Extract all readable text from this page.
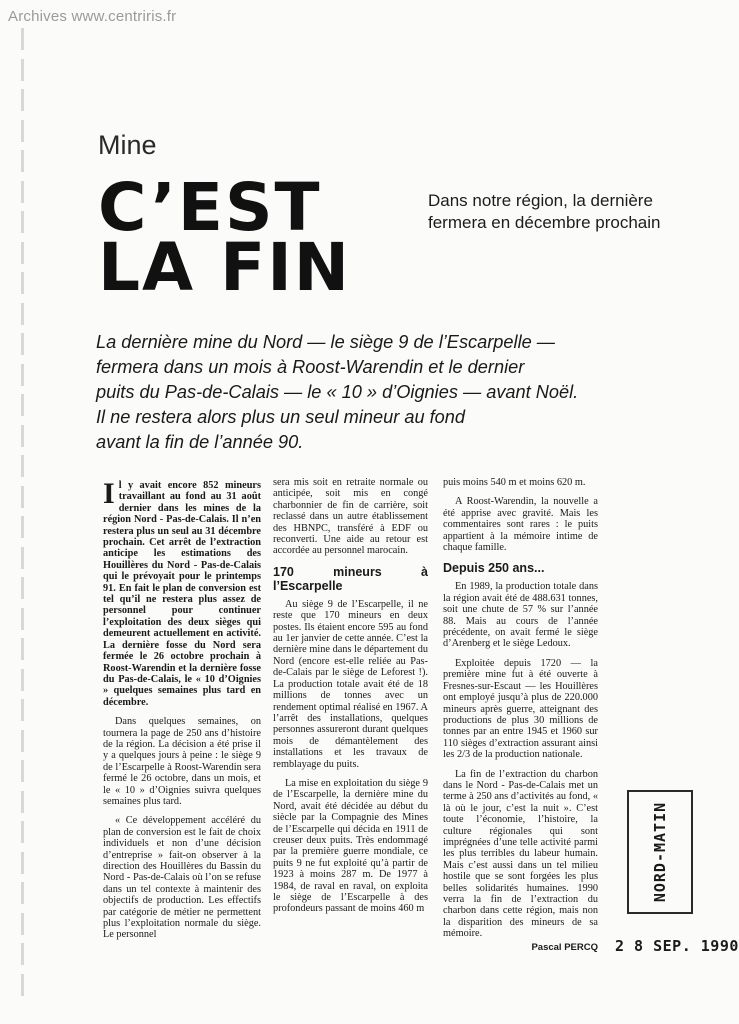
Archives www.centriris.fr
Mine
C’EST
LA FIN
Dans notre région, la dernière
fermera en décembre prochain
La dernière mine du Nord — le siège 9 de l’Escarpelle —
fermera dans un mois à Roost-Warendin et le dernier
puits du Pas-de-Calais — le « 10 » d’Oignies — avant Noël.
Il ne restera alors plus un seul mineur au fond
avant la fin de l’année 90.

Il y avait encore 852 mineurs travaillant au fond au 31 août dernier dans les mines de la région Nord - Pas-de-Calais. Il n’en restera plus un seul au 31 décembre prochain. Cet arrêt de l’extraction anticipe les estimations des Houillères du Nord - Pas-de-Calais qui le prévoyait pour le printemps 91. En fait le plan de conversion est tel qu’il ne restera plus assez de personnel pour continuer l’exploitation des deux sièges qui demeurent actuellement en activité. La dernière fosse du Nord sera fermée le 26 octobre prochain à Roost-Warendin et la dernière fosse du Pas-de-Calais, le « 10 d’Oignies » quelques semaines plus tard en décembre.

Dans quelques semaines, on tournera la page de 250 ans d’histoire de la région. La décision a été prise il y a quelques jours à peine : le siège 9 de l’Escarpelle à Roost-Warendin sera fermé le 26 octobre, dans un mois, et le « 10 » d’Oignies suivra quelques semaines plus tard.

« Ce développement accéléré du plan de conversion est le fait de choix individuels et non d’une décision d’entreprise » fait-on observer à la direction des Houillères du Bassin du Nord - Pas-de-Calais où l’on se refuse dans un tel contexte à maintenir des objectifs de production. Les effectifs par catégorie de métier ne permettent plus l’exploitation normale du siège. Le personnel

sera mis soit en retraite normale ou anticipée, soit mis en congé charbonnier de fin de carrière, soit reclassé dans un autre établissement des HBNPC, transféré à EDF ou reconverti. Une aide au retour est accordée au personnel marocain.

170 mineurs à l’Escarpelle

Au siège 9 de l’Escarpelle, il ne reste que 170 mineurs en deux postes. Ils étaient encore 595 au fond au 1er janvier de cette année. C’est la dernière mine dans le département du Nord (encore est-elle reliée au Pas-de-Calais par le siège de Leforest !). La production totale avait été de 18 millions de tonnes avec un rendement optimal réalisé en 1967. A l’arrêt des installations, quelques personnes assureront durant quelques mois de démantèlement des installations et les travaux de remblayage du puits.

La mise en exploitation du siège 9 de l’Escarpelle, la dernière mine du Nord, avait été décidée au début du siècle par la Compagnie des Mines de l’Escarpelle qui décida en 1911 de creuser deux puits. Très endommagé par la première guerre mondiale, ce puits 9 ne fut exploité qu’à partir de 1923 à moins 287 m. De 1977 à 1984, de raval en raval, on exploita le siège de l’Escarpelle à des profondeurs passant de moins 460 m

puis moins 540 m et moins 620 m.

A Roost-Warendin, la nouvelle a été apprise avec gravité. Mais les commentaires sont rares : le puits appartient à la mémoire intime de chaque famille.

Depuis 250 ans...

En 1989, la production totale dans la région avait été de 488.631 tonnes, soit une chute de 57 % sur l’année 88. Mais au cours de l’année précédente, on avait fermé le siège d’Arenberg et le siège Ledoux.

Exploitée depuis 1720 — la première mine fut à été ouverte à Fresnes-sur-Escaut — les Houillères ont employé jusqu’à plus de 220.000 mineurs après guerre, atteignant des productions de plus 30 millions de tonnes par an entre 1945 et 1960 sur 110 sièges d’extraction assurant ainsi les 2/3 de la production nationale.

La fin de l’extraction du charbon dans le Nord - Pas-de-Calais met un terme à 250 ans d’activités au fond, « là où le jour, c’est la nuit ». C’est toute l’économie, l’histoire, la culture régionales qui sont imprégnées d’une telle activité parmi les plus terribles du labeur humain. Mais c’est aussi dans un tel milieu hostile que se sont forgées les plus belles solidarités humaines. 1990 verra la fin de l’extraction du charbon dans cette région, mais non la disparition des mineurs de sa mémoire.

Pascal PERCQ
NORD-MATIN
2 8 SEP. 1990
